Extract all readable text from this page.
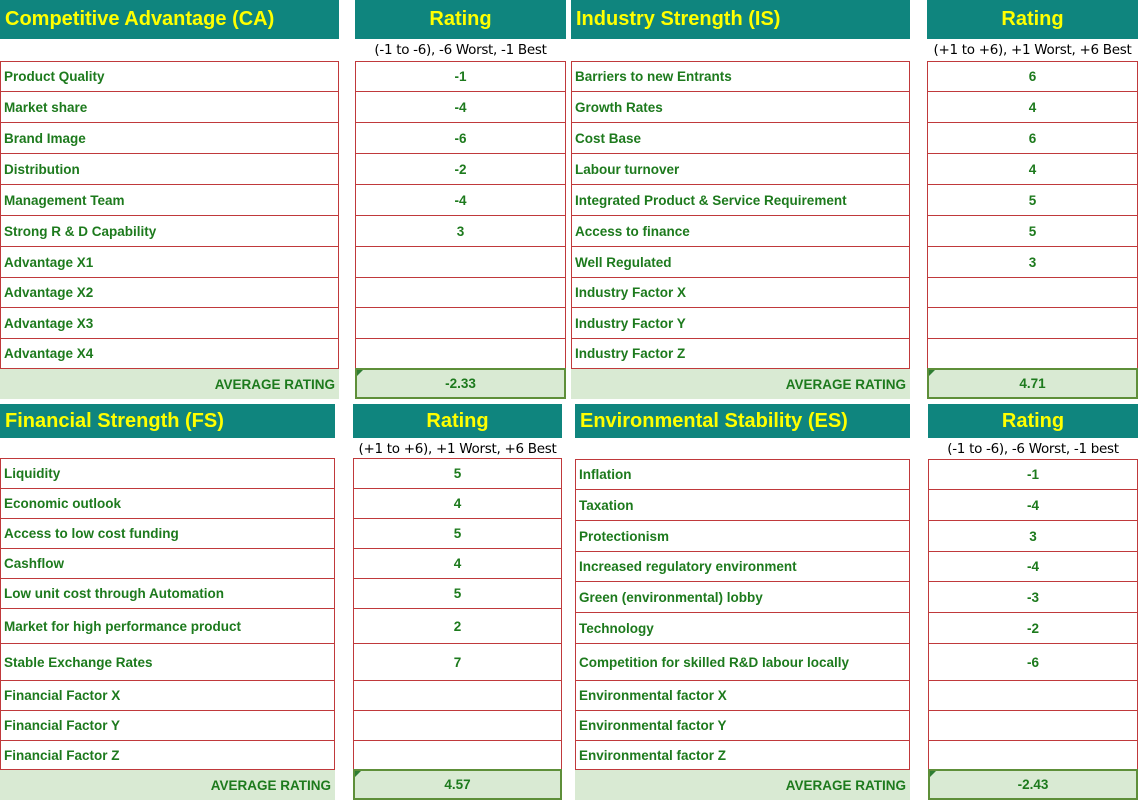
Competitive Advantage (CA)	Rating
(-1 to -6), -6 Worst, -1 Best
Product Quality	-1
Market share	-4
Brand Image	-6
Distribution	-2
Management Team	-4
Strong R & D Capability	3
Advantage X1
Advantage X2
Advantage X3
Advantage X4
AVERAGE RATING	-2.33
Industry Strength (IS)	Rating
(+1 to +6), +1 Worst, +6 Best
Barriers to new Entrants	6
Growth Rates	4
Cost Base	6
Labour turnover	4
Integrated Product & Service Requirement	5
Access to finance	5
Well Regulated	3
Industry Factor X
Industry Factor Y
Industry Factor Z
AVERAGE RATING	4.71
Financial Strength (FS)	Rating
(+1 to +6), +1 Worst, +6 Best
Liquidity	5
Economic outlook	4
Access to low cost funding	5
Cashflow	4
Low unit cost through Automation	5
Market for high performance product	2
Stable Exchange Rates	7
Financial Factor X
Financial Factor Y
Financial Factor Z
AVERAGE RATING	4.57
Environmental Stability (ES)	Rating
(-1 to -6), -6 Worst, -1 best
Inflation	-1
Taxation	-4
Protectionism	3
Increased regulatory environment	-4
Green (environmental) lobby	-3
Technology	-2
Competition for skilled R&D labour locally	-6
Environmental factor X
Environmental factor Y
Environmental factor Z
AVERAGE RATING	-2.43
